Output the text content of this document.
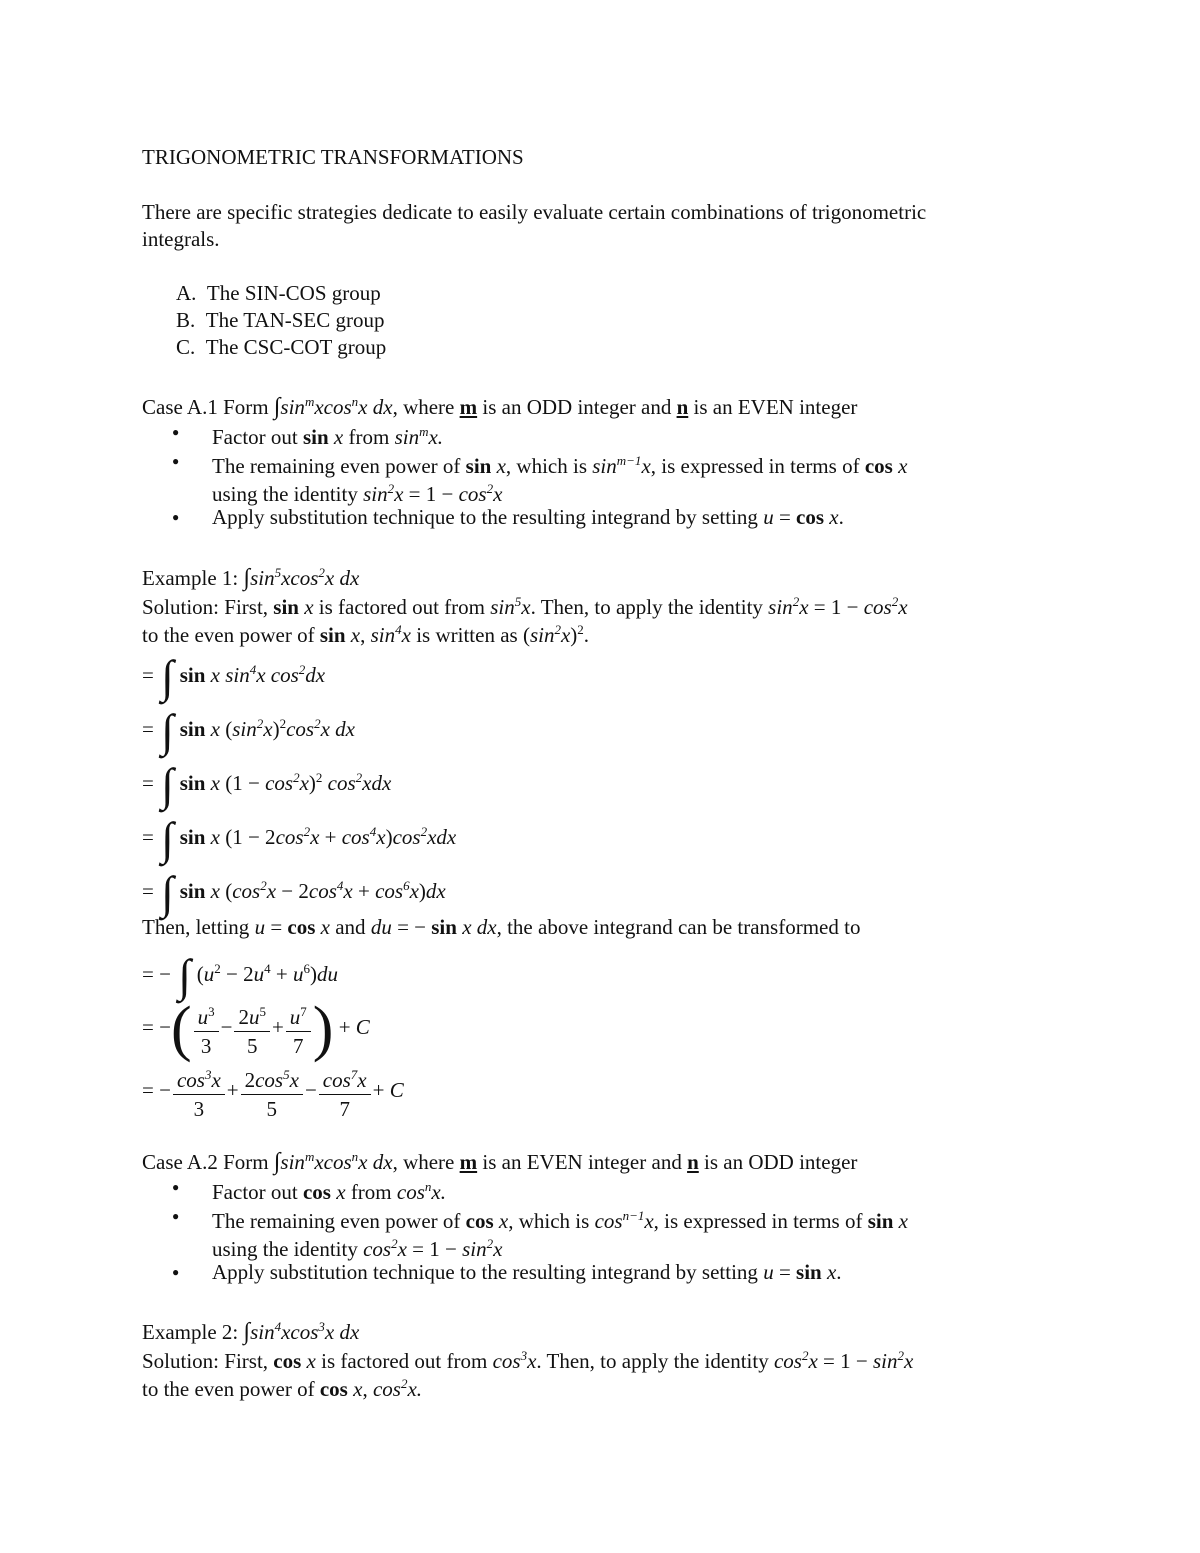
TRIGONOMETRIC TRANSFORMATIONS
There are specific strategies dedicate to easily evaluate certain combinations of trigonometric
integrals.
A. The SIN-COS group
B. The TAN-SEC group
C. The CSC-COT group
Case A.1 Form $\int\sin^mxcos^nx$ dx, where m is an ODD integer and n is an EVEN integer
● Factor out sin x from $\sin^mx$.
● The remaining even power of sin x, which is $\sin^{m-1}x$, is expressed in terms of cos x
using the identity $\sin^2x = 1 - \cos^2x$
● Apply substitution technique to the resulting integrand by setting u = cos x.
Example 1: $\int\sin^5xcos^2x$ dx
Solution: First, sin x is factored out from $\sin^5x$. Then, to apply the identity $\sin^2x = 1 - \cos^2x$
to the even power of sin x, $\sin^4x$ is written as $(\sin^2x)^2$.
= ∫ sin x $\sin^4x$ $\cos^2dx$
= ∫ sin x $(\sin^2x)^2\cos^2x$ dx
= ∫ sin x $(1 - \cos^2x)^2$ $\cos^2xdx$
= ∫ sin x $(1 - 2\cos^2x + \cos^4x)\cos^2xdx$
= ∫ sin x $(\cos^2x - 2\cos^4x + \cos^6x)dx$
Then, letting u = cos x and du = − sin x dx, the above integrand can be transformed to
= − ∫ $(u^2 - 2u^4 + u^6)du$
= −( $\frac{u^3}{3} - \frac{2u^5}{5} + \frac{u^7}{7}$ ) + C
= − $\frac{\cos^3x}{3} + \frac{2\cos^5x}{5} - \frac{\cos^7x}{7} + C$
Case A.2 Form $\int\sin^mxcos^nx$ dx, where m is an EVEN integer and n is an ODD integer
● Factor out cos x from $\cos^nx$.
● The remaining even power of cos x, which is $\cos^{n-1}x$, is expressed in terms of sin x
using the identity $\cos^2x = 1 - \sin^2x$
● Apply substitution technique to the resulting integrand by setting u = sin x.
Example 2: $\int\sin^4xcos^3x$ dx
Solution: First, cos x is factored out from $\cos^3x$. Then, to apply the identity $\cos^2x = 1 - \sin^2x$
to the even power of cos x, $\cos^2x$.
